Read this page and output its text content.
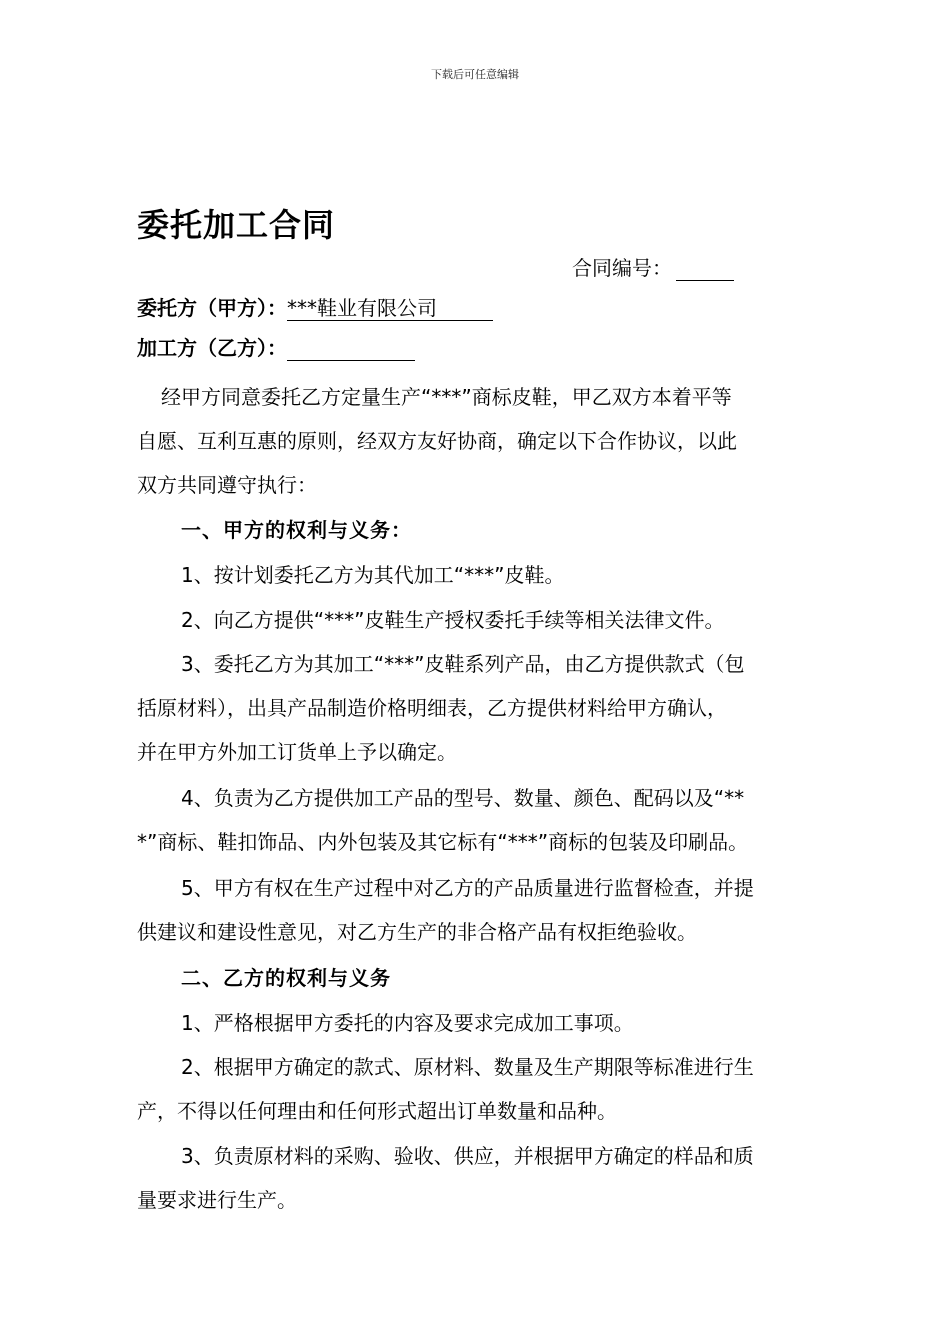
下载后可任意编辑
委托加工合同
合同编号：
委托方（甲方）：***鞋业有限公司
加工方（乙方）：
经甲方同意委托乙方定量生产“***”商标皮鞋，甲乙双方本着平等
自愿、互利互惠的原则，经双方友好协商，确定以下合作协议，以此
双方共同遵守执行：
一、甲方的权利与义务：
1、按计划委托乙方为其代加工“***”皮鞋。
2、向乙方提供“***”皮鞋生产授权委托手续等相关法律文件。
3、委托乙方为其加工“***”皮鞋系列产品，由乙方提供款式（包
括原材料），出具产品制造价格明细表，乙方提供材料给甲方确认，
并在甲方外加工订货单上予以确定。
4、负责为乙方提供加工产品的型号、数量、颜色、配码以及“**
*”商标、鞋扣饰品、内外包装及其它标有“***”商标的包装及印刷品。
5、甲方有权在生产过程中对乙方的产品质量进行监督检查，并提
供建议和建设性意见，对乙方生产的非合格产品有权拒绝验收。
二、乙方的权利与义务
1、严格根据甲方委托的内容及要求完成加工事项。
2、根据甲方确定的款式、原材料、数量及生产期限等标准进行生
产，不得以任何理由和任何形式超出订单数量和品种。
3、负责原材料的采购、验收、供应，并根据甲方确定的样品和质
量要求进行生产。
